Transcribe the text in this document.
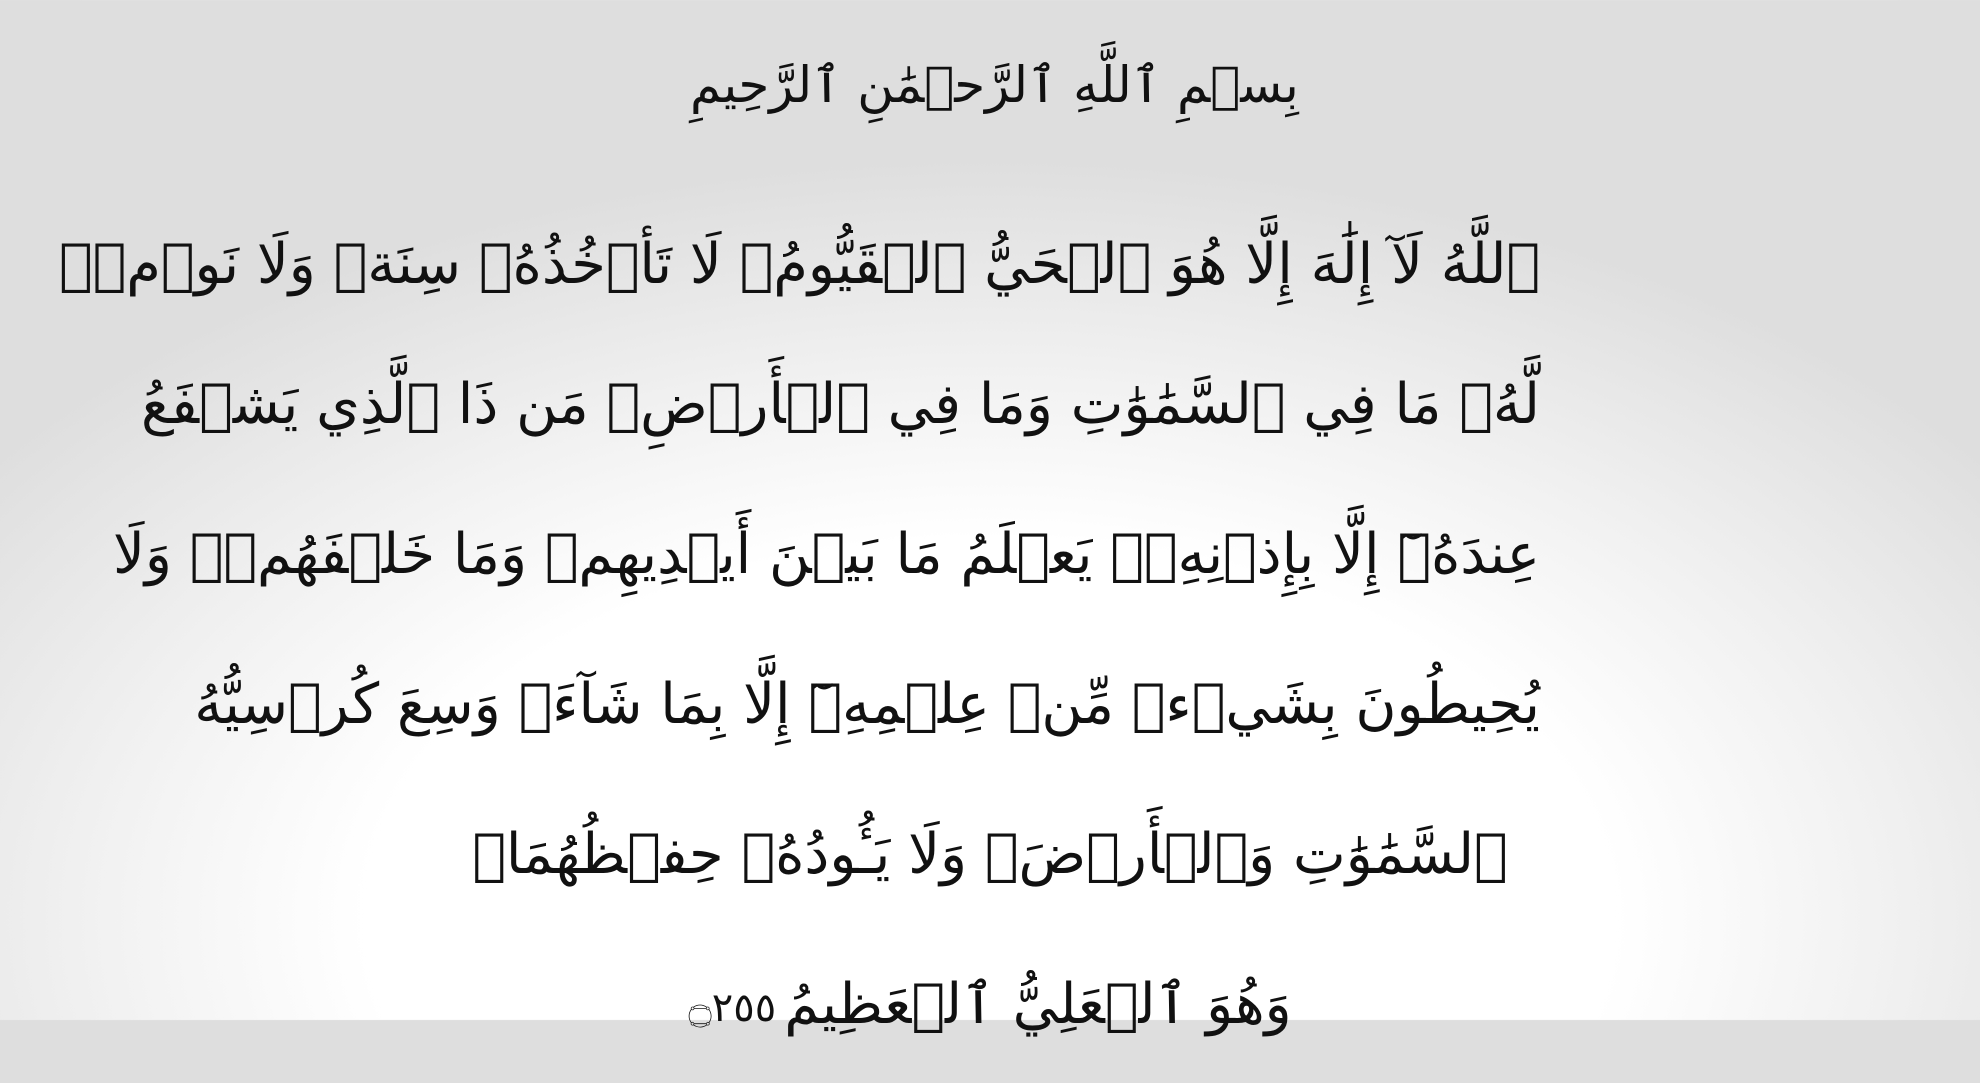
بِسۡمِ ٱللَّهِ ٱلرَّحۡمَٰنِ ٱلرَّحِيمِ
ٱللَّهُ لَآ إِلَٰهَ إِلَّا هُوَ ٱلۡحَيُّ ٱلۡقَيُّومُۚ لَا تَأۡخُذُهُۥ سِنَةٞ وَلَا نَوۡمٞۚ
لَّهُۥ مَا فِي ٱلسَّمَٰوَٰتِ وَمَا فِي ٱلۡأَرۡضِۗ مَن ذَا ٱلَّذِي يَشۡفَعُ
عِندَهُۥٓ إِلَّا بِإِذۡنِهِۦۚ يَعۡلَمُ مَا بَيۡنَ أَيۡدِيهِمۡ وَمَا خَلۡفَهُمۡۖ وَلَا
يُحِيطُونَ بِشَيۡءٖ مِّنۡ عِلۡمِهِۦٓ إِلَّا بِمَا شَآءَۚ وَسِعَ كُرۡسِيُّهُ
ٱلسَّمَٰوَٰتِ وَٱلۡأَرۡضَۖ وَلَا يَـُٔودُهُۥ حِفۡظُهُمَاۚ
وَهُوَ ٱلۡعَلِيُّ ٱلۡعَظِيمُ۝٢٥٥
